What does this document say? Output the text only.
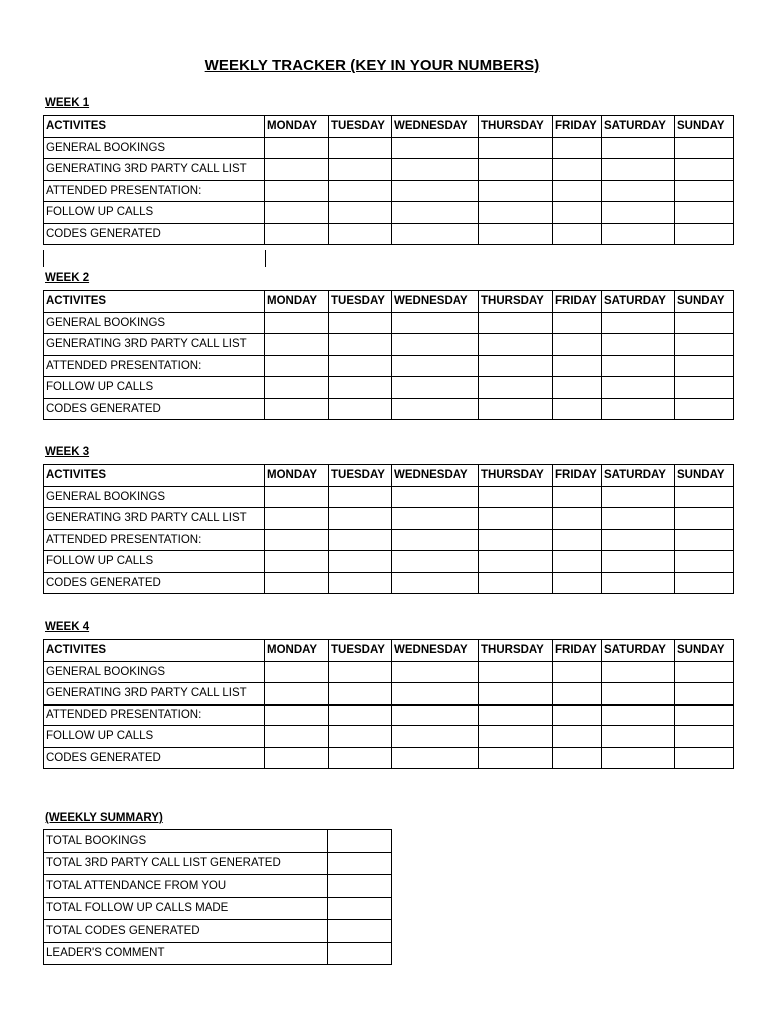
WEEKLY TRACKER (KEY IN YOUR NUMBERS)
WEEK 1
ACTIVITES	MONDAY	TUESDAY	WEDNESDAY	THURSDAY	FRIDAY	SATURDAY	SUNDAY
GENERAL BOOKINGS							
GENERATING 3RD PARTY CALL LIST							
ATTENDED PRESENTATION:							
FOLLOW UP CALLS							
CODES GENERATED							
WEEK 2
ACTIVITES	MONDAY	TUESDAY	WEDNESDAY	THURSDAY	FRIDAY	SATURDAY	SUNDAY
GENERAL BOOKINGS							
GENERATING 3RD PARTY CALL LIST							
ATTENDED PRESENTATION:							
FOLLOW UP CALLS							
CODES GENERATED							
WEEK 3
ACTIVITES	MONDAY	TUESDAY	WEDNESDAY	THURSDAY	FRIDAY	SATURDAY	SUNDAY
GENERAL BOOKINGS							
GENERATING 3RD PARTY CALL LIST							
ATTENDED PRESENTATION:							
FOLLOW UP CALLS							
CODES GENERATED							
WEEK 4
ACTIVITES	MONDAY	TUESDAY	WEDNESDAY	THURSDAY	FRIDAY	SATURDAY	SUNDAY
GENERAL BOOKINGS							
GENERATING 3RD PARTY CALL LIST							
ATTENDED PRESENTATION:							
FOLLOW UP CALLS							
CODES GENERATED							
(WEEKLY SUMMARY)
TOTAL BOOKINGS	
TOTAL 3RD PARTY CALL LIST GENERATED	
TOTAL ATTENDANCE FROM YOU	
TOTAL FOLLOW UP CALLS MADE	
TOTAL CODES GENERATED	
LEADER'S COMMENT	
